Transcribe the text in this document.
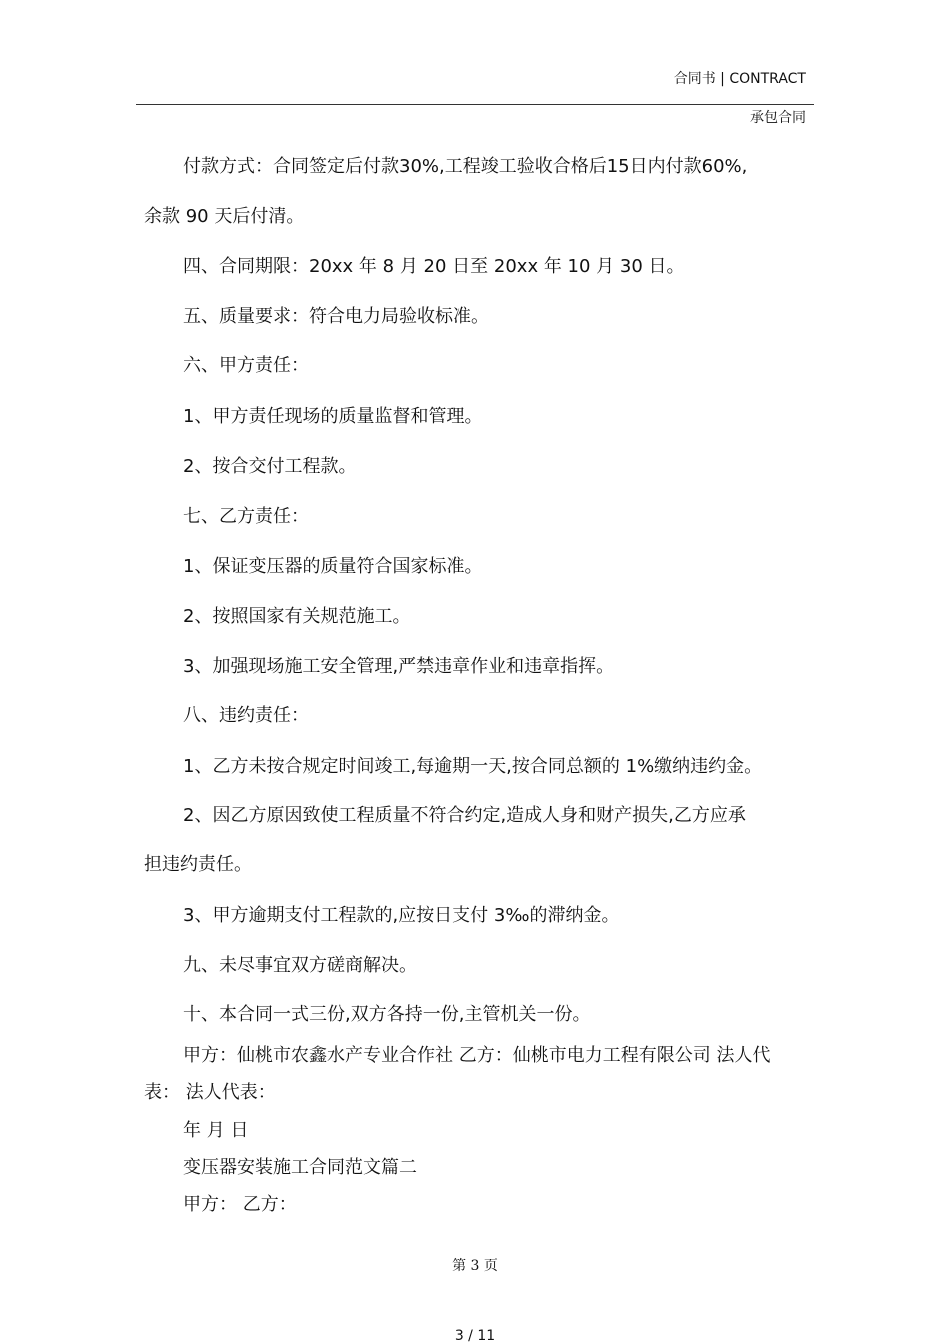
合同书 | CONTRACT
承包合同
付款方式：合同签定后付款30%,工程竣工验收合格后15日内付款60%,
余款 90 天后付清。
四、合同期限：20xx 年 8 月 20 日至 20xx 年 10 月 30 日。
五、质量要求：符合电力局验收标准。
六、甲方责任：
1、甲方责任现场的质量监督和管理。
2、按合交付工程款。
七、乙方责任：
1、保证变压器的质量符合国家标准。
2、按照国家有关规范施工。
3、加强现场施工安全管理,严禁违章作业和违章指挥。
八、违约责任：
1、乙方未按合规定时间竣工,每逾期一天,按合同总额的 1%缴纳违约金。
2、因乙方原因致使工程质量不符合约定,造成人身和财产损失,乙方应承
担违约责任。
3、甲方逾期支付工程款的,应按日支付 3‰的滞纳金。
九、未尽事宜双方磋商解决。
十、本合同一式三份,双方各持一份,主管机关一份。
甲方：仙桃市农鑫水产专业合作社 乙方：仙桃市电力工程有限公司 法人代
表： 法人代表：
年 月 日
变压器安装施工合同范文篇二
甲方： 乙方：
第 3 页
3 / 11
